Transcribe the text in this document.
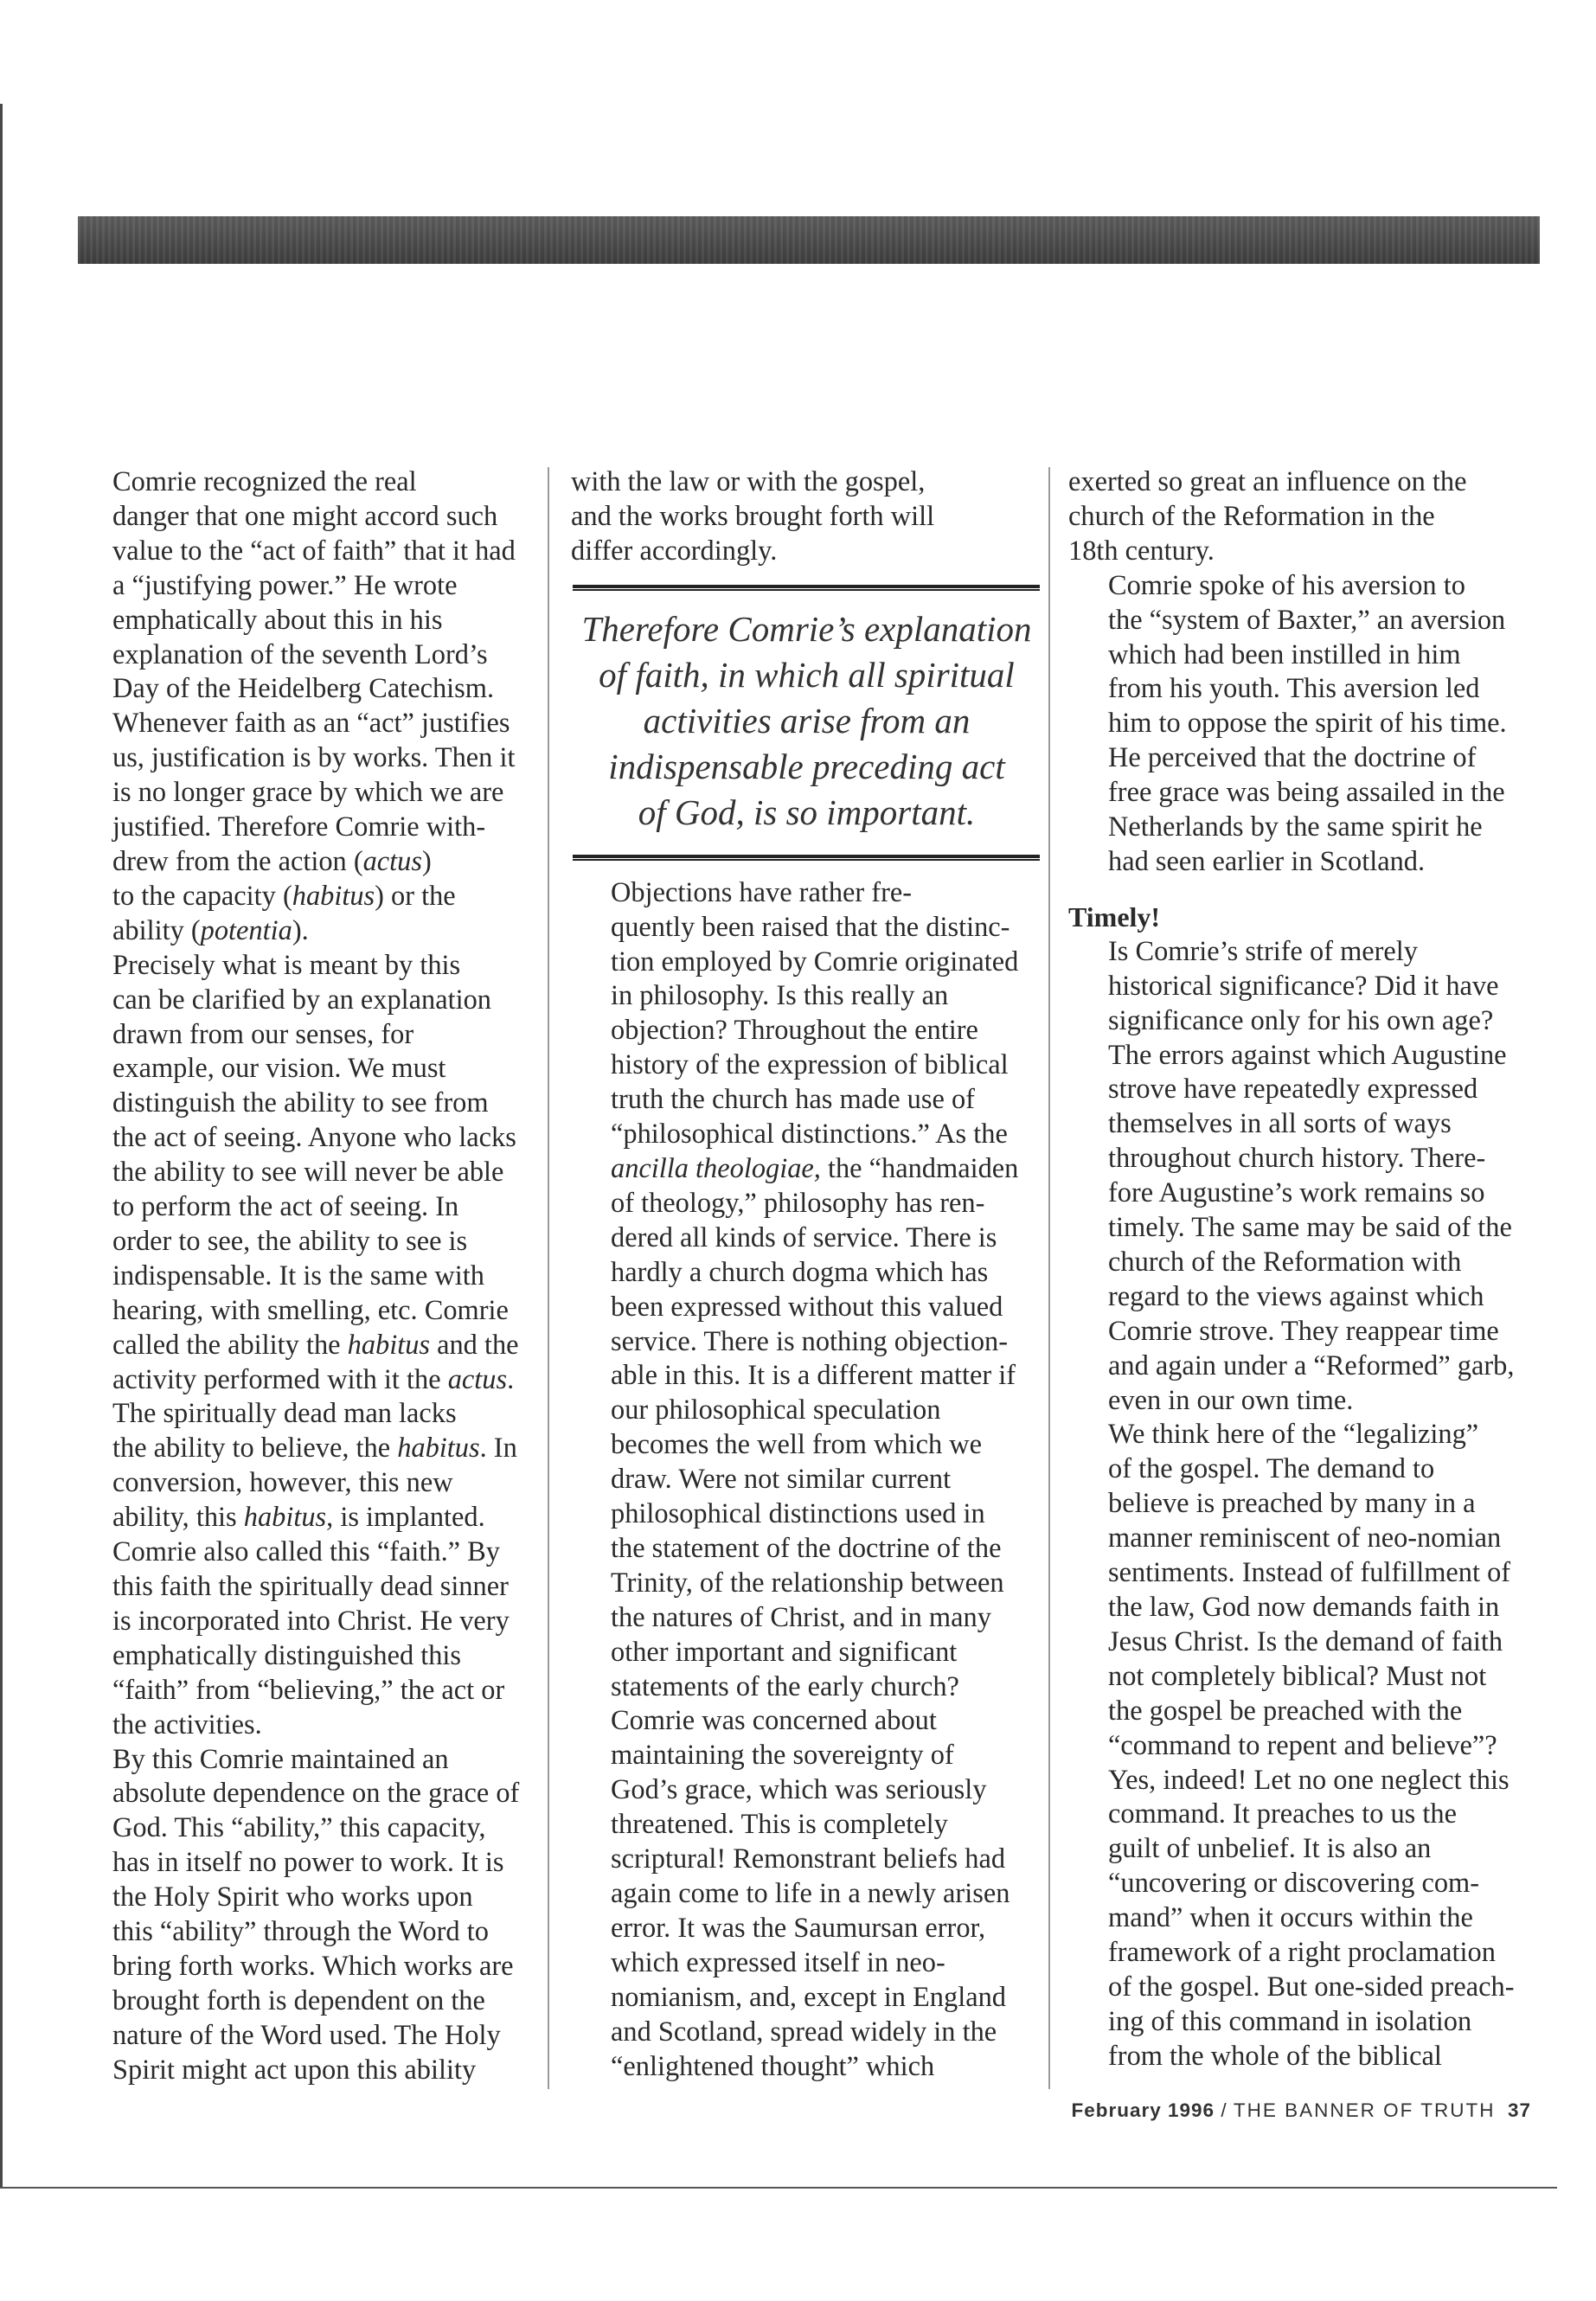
Comrie recognized the real
danger that one might accord such
value to the “act of faith” that it had
a “justifying power.” He wrote
emphatically about this in his
explanation of the seventh Lord’s
Day of the Heidelberg Catechism.
Whenever faith as an “act” justifies
us, justification is by works. Then it
is no longer grace by which we are
justified. Therefore Comrie with-
drew from the action (actus)
to the capacity (habitus) or the
ability (potentia).
Precisely what is meant by this
can be clarified by an explanation
drawn from our senses, for
example, our vision. We must
distinguish the ability to see from
the act of seeing. Anyone who lacks
the ability to see will never be able
to perform the act of seeing. In
order to see, the ability to see is
indispensable. It is the same with
hearing, with smelling, etc. Comrie
called the ability the habitus and the
activity performed with it the actus.
The spiritually dead man lacks
the ability to believe, the habitus. In
conversion, however, this new
ability, this habitus, is implanted.
Comrie also called this “faith.” By
this faith the spiritually dead sinner
is incorporated into Christ. He very
emphatically distinguished this
“faith” from “believing,” the act or
the activities.
By this Comrie maintained an
absolute dependence on the grace of
God. This “ability,” this capacity,
has in itself no power to work. It is
the Holy Spirit who works upon
this “ability” through the Word to
bring forth works. Which works are
brought forth is dependent on the
nature of the Word used. The Holy
Spirit might act upon this ability
with the law or with the gospel,
and the works brought forth will
differ accordingly.
Therefore Comrie’s explanation
of faith, in which all spiritual
activities arise from an
indispensable preceding act
of God, is so important.
Objections have rather fre-
quently been raised that the distinc-
tion employed by Comrie originated
in philosophy. Is this really an
objection? Throughout the entire
history of the expression of biblical
truth the church has made use of
“philosophical distinctions.” As the
ancilla theologiae, the “handmaiden
of theology,” philosophy has ren-
dered all kinds of service. There is
hardly a church dogma which has
been expressed without this valued
service. There is nothing objection-
able in this. It is a different matter if
our philosophical speculation
becomes the well from which we
draw. Were not similar current
philosophical distinctions used in
the statement of the doctrine of the
Trinity, of the relationship between
the natures of Christ, and in many
other important and significant
statements of the early church?
Comrie was concerned about
maintaining the sovereignty of
God’s grace, which was seriously
threatened. This is completely
scriptural! Remonstrant beliefs had
again come to life in a newly arisen
error. It was the Saumursan error,
which expressed itself in neo-
nomianism, and, except in England
and Scotland, spread widely in the
“enlightened thought” which
exerted so great an influence on the
church of the Reformation in the
18th century.
Comrie spoke of his aversion to
the “system of Baxter,” an aversion
which had been instilled in him
from his youth. This aversion led
him to oppose the spirit of his time.
He perceived that the doctrine of
free grace was being assailed in the
Netherlands by the same spirit he
had seen earlier in Scotland.
Timely!
Is Comrie’s strife of merely
historical significance? Did it have
significance only for his own age?
The errors against which Augustine
strove have repeatedly expressed
themselves in all sorts of ways
throughout church history. There-
fore Augustine’s work remains so
timely. The same may be said of the
church of the Reformation with
regard to the views against which
Comrie strove. They reappear time
and again under a “Reformed” garb,
even in our own time.
We think here of the “legalizing”
of the gospel. The demand to
believe is preached by many in a
manner reminiscent of neo-nomian
sentiments. Instead of fulfillment of
the law, God now demands faith in
Jesus Christ. Is the demand of faith
not completely biblical? Must not
the gospel be preached with the
“command to repent and believe”?
Yes, indeed! Let no one neglect this
command. It preaches to us the
guilt of unbelief. It is also an
“uncovering or discovering com-
mand” when it occurs within the
framework of a right proclamation
of the gospel. But one-sided preach-
ing of this command in isolation
from the whole of the biblical
February 1996 / THE BANNER OF TRUTH 37
